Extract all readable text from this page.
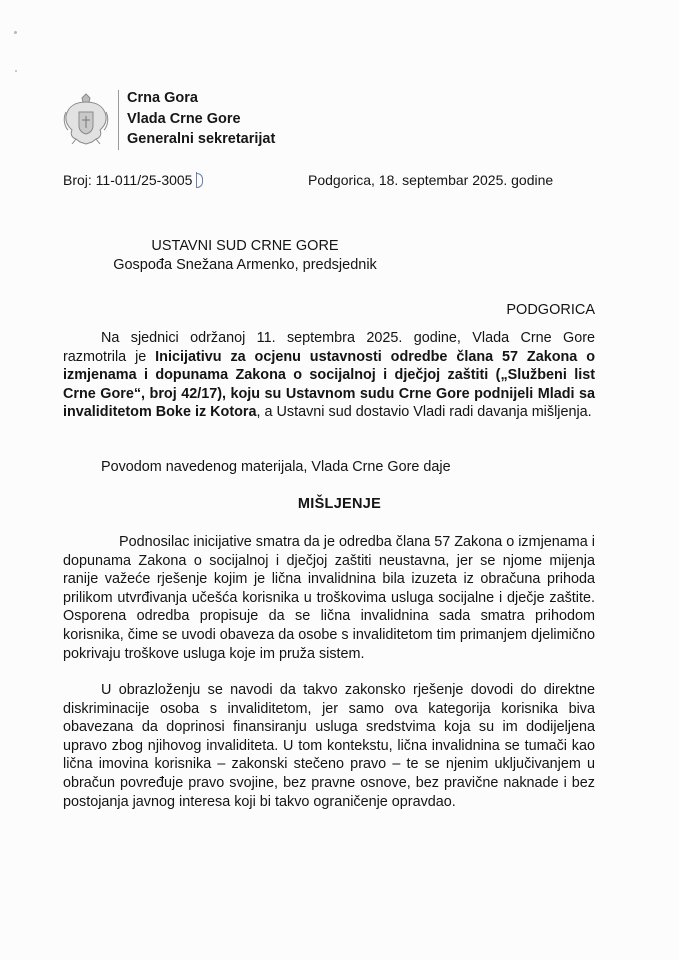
Crna Gora
Vlada Crne Gore
Generalni sekretarijat
Broj: 11-011/25-3005	Podgorica, 18. septembar 2025. godine
USTAVNI SUD CRNE GORE
Gospođa Snežana Armenko, predsjednik
PODGORICA
Na sjednici održanoj 11. septembra 2025. godine, Vlada Crne Gore razmotrila je Inicijativu za ocjenu ustavnosti odredbe člana 57 Zakona o izmjenama i dopunama Zakona o socijalnoj i dječjoj zaštiti („Službeni list Crne Gore“, broj 42/17), koju su Ustavnom sudu Crne Gore podnijeli Mladi sa invaliditetom Boke iz Kotora, a Ustavni sud dostavio Vladi radi davanja mišljenja.
Povodom navedenog materijala, Vlada Crne Gore daje
MIŠLJENJE
Podnosilac inicijative smatra da je odredba člana 57 Zakona o izmjenama i dopunama Zakona o socijalnoj i dječjoj zaštiti neustavna, jer se njome mijenja ranije važeće rješenje kojim je lična invalidnina bila izuzeta iz obračuna prihoda prilikom utvrđivanja učešća korisnika u troškovima usluga socijalne i dječje zaštite. Osporena odredba propisuje da se lična invalidnina sada smatra prihodom korisnika, čime se uvodi obaveza da osobe s invaliditetom tim primanjem djelimično pokrivaju troškove usluga koje im pruža sistem.
U obrazloženju se navodi da takvo zakonsko rješenje dovodi do direktne diskriminacije osoba s invaliditetom, jer samo ova kategorija korisnika biva obavezana da doprinosi finansiranju usluga sredstvima koja su im dodijeljena upravo zbog njihovog invaliditeta. U tom kontekstu, lična invalidnina se tumači kao lična imovina korisnika – zakonski stečeno pravo – te se njenim uključivanjem u obračun povređuje pravo svojine, bez pravne osnove, bez pravične naknade i bez postojanja javnog interesa koji bi takvo ograničenje opravdao.
